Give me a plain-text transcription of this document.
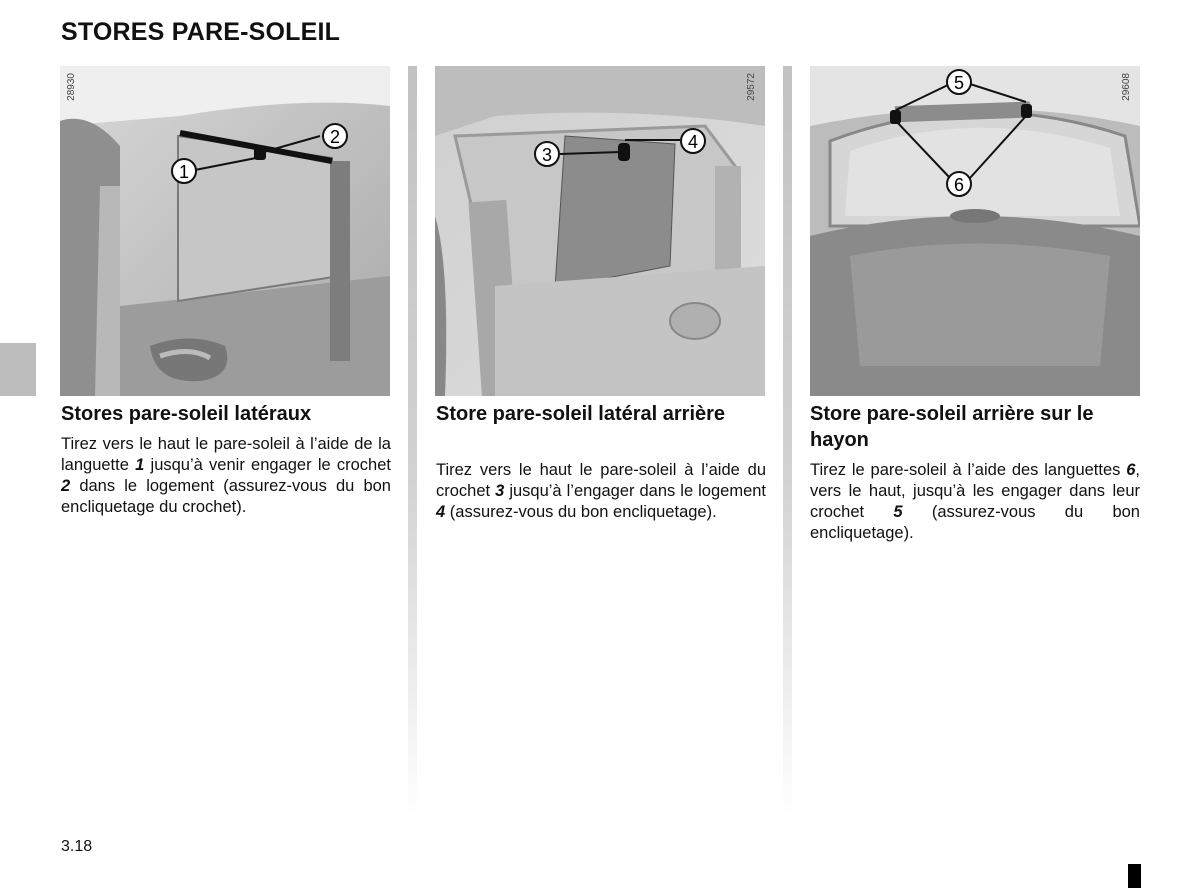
STORES PARE-SOLEIL
2
1
28930
4
3
29572	5
6
29608
Stores pare-soleil latéraux

Tirez vers le haut le pare-soleil à l’aide de la languette 1 jusqu’à venir engager le crochet 2 dans le logement (assurez-vous du bon encliquetage du crochet).

Store pare-soleil latéral arrière

Tirez vers le haut le pare-soleil à l’aide du crochet 3 jusqu’à l’engager dans le logement 4 (assurez-vous du bon encliquetage).

Store pare-soleil arrière sur le hayon

Tirez le pare-soleil à l’aide des languettes 6, vers le haut, jusqu’à les engager dans leur crochet 5 (assurez-vous du bon encliquetage).

3.18
